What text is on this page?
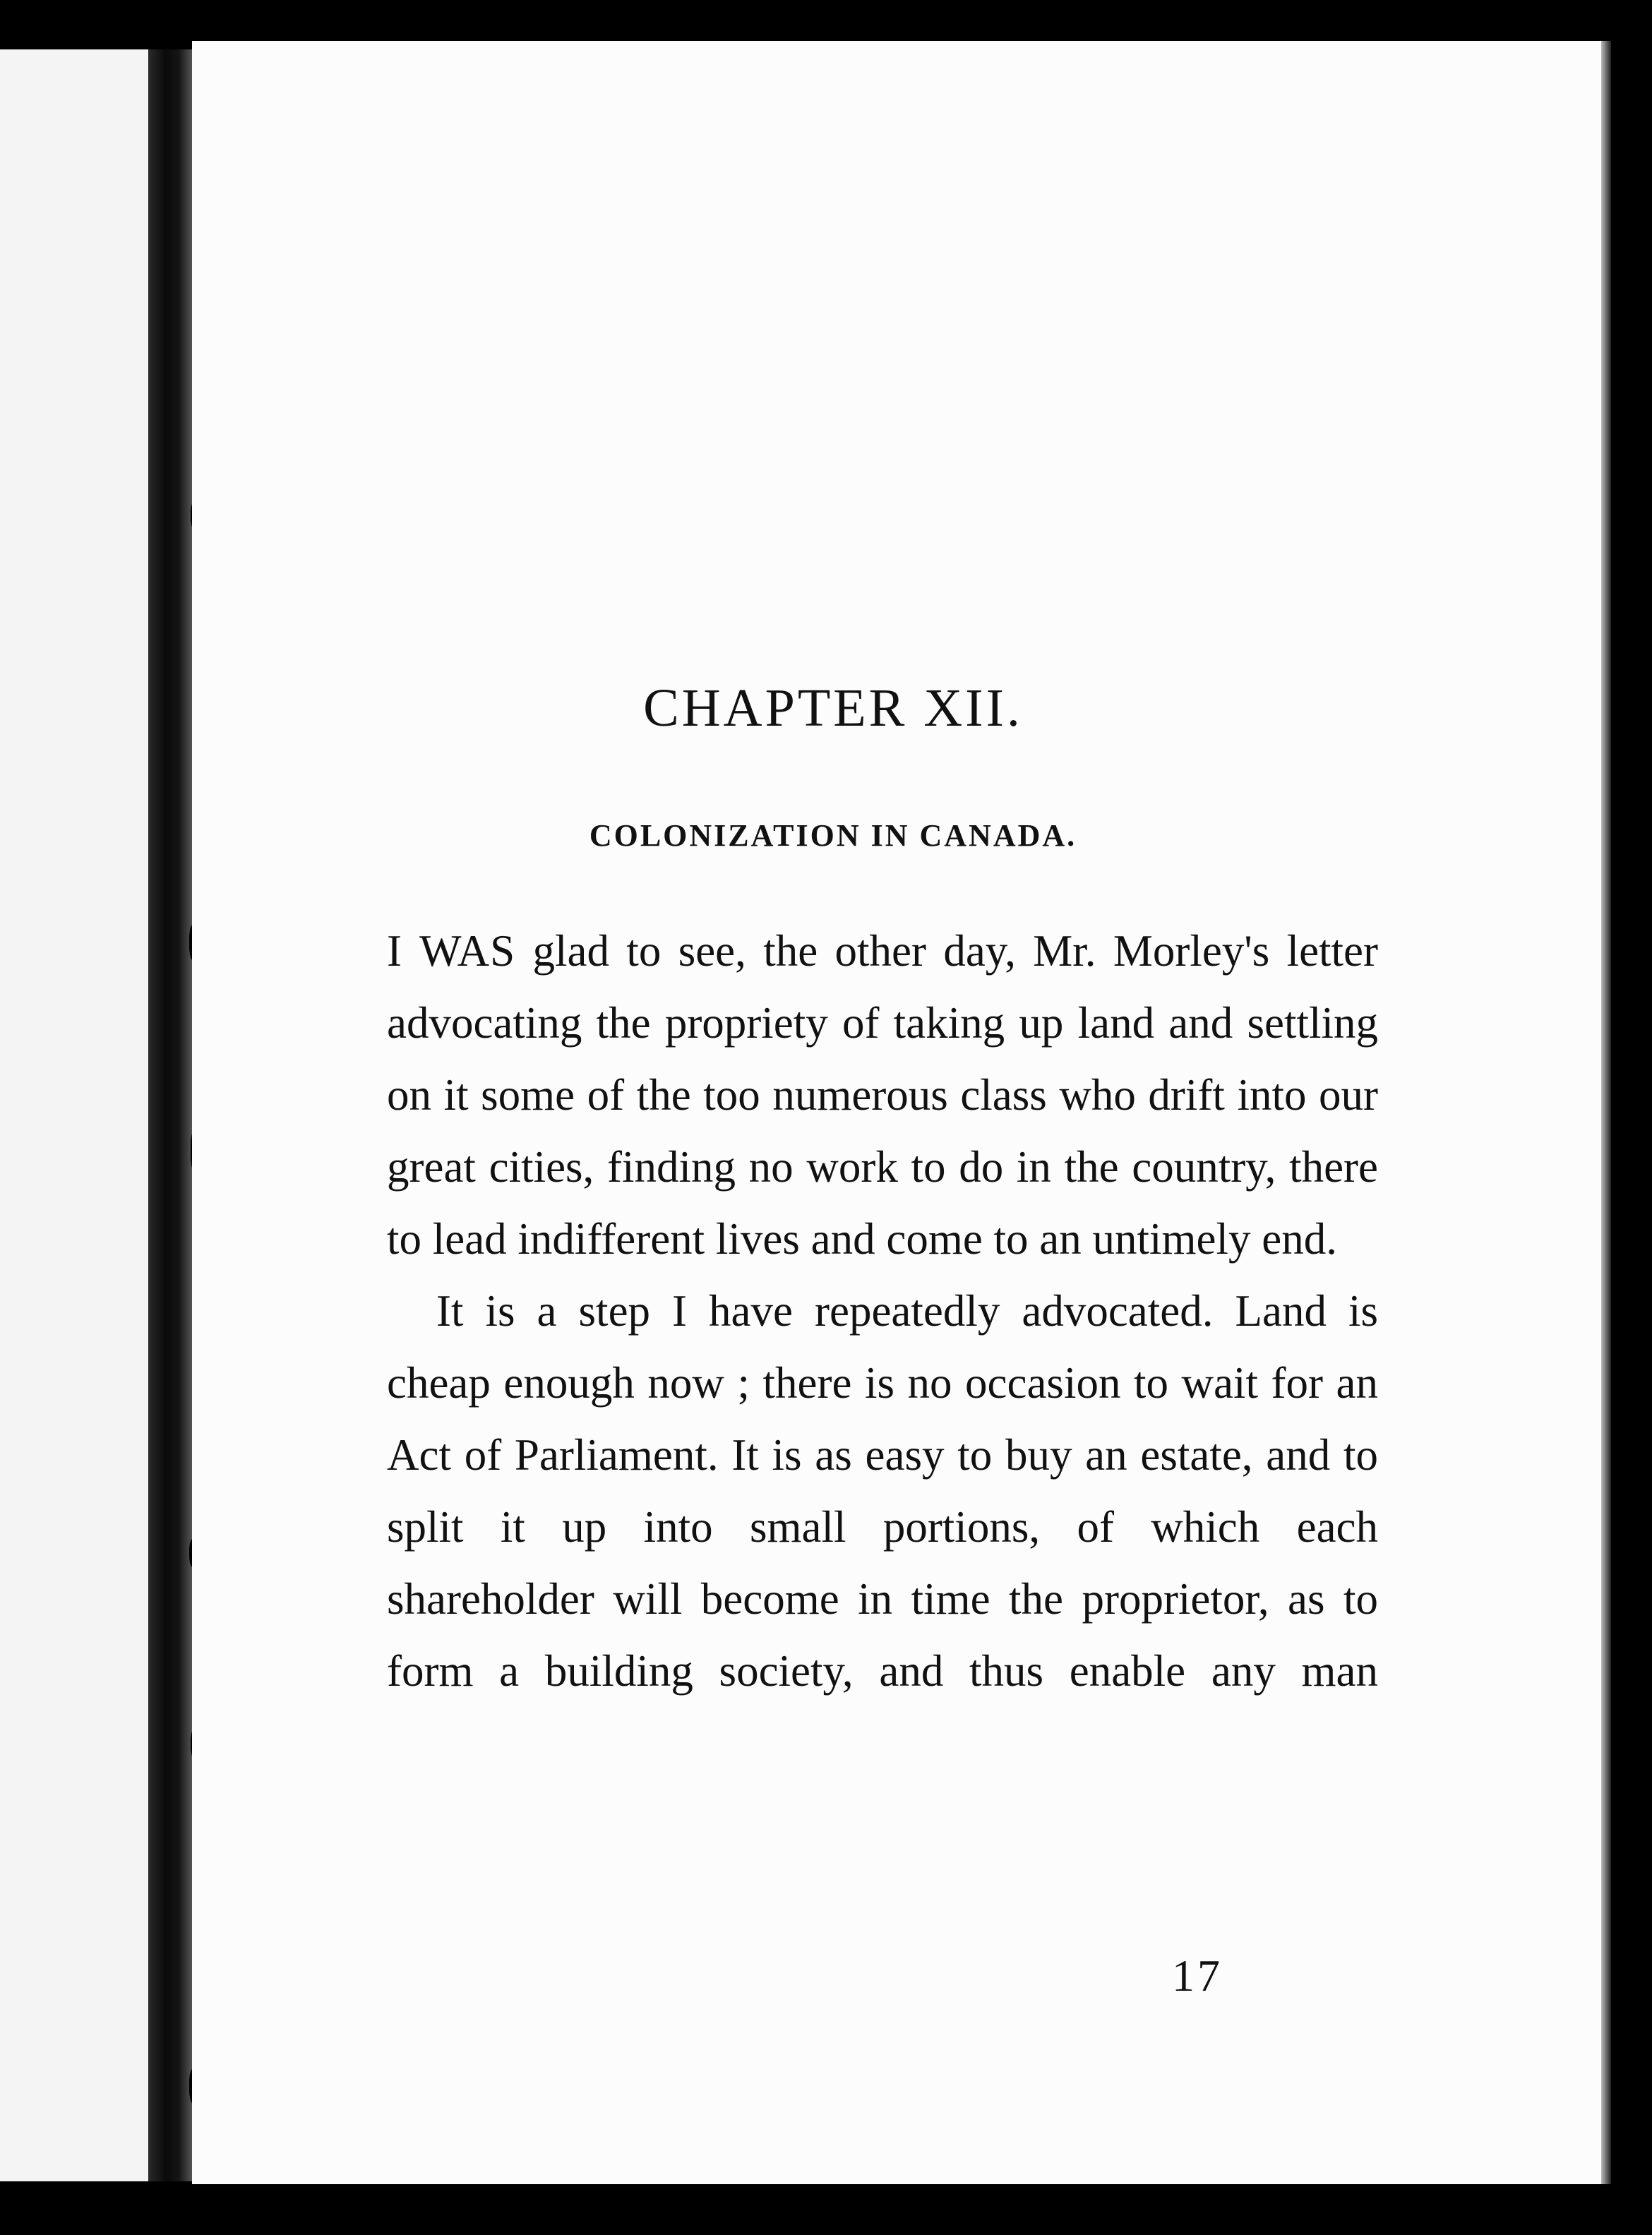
CHAPTER XII.
COLONIZATION IN CANADA.

I WAS glad to see, the other day, Mr. Morley's letter advocating the propriety of taking up land and settling on it some of the too numerous class who drift into our great cities, finding no work to do in the country, there to lead indifferent lives and come to an untimely end.

It is a step I have repeatedly advocated. Land is cheap enough now ; there is no occasion to wait for an Act of Parliament. It is as easy to buy an estate, and to split it up into small portions, of which each shareholder will become in time the proprietor, as to form a building society, and thus enable any man

17
